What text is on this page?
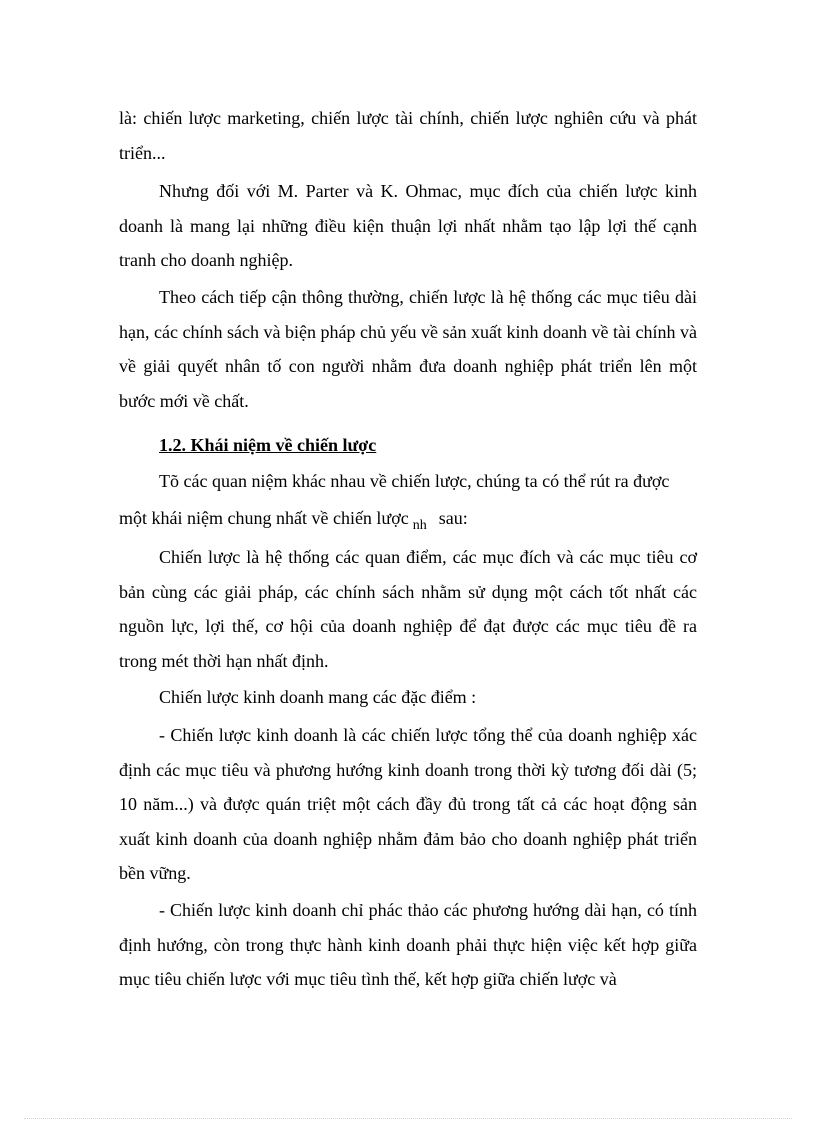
là: chiến lược marketing, chiến lược tài chính, chiến lược nghiên cứu và phát triển...

Nhưng đối với M. Parter và K. Ohmac, mục đích của chiến lược kinh doanh là mang lại những điều kiện thuận lợi nhất nhằm tạo lập lợi thế cạnh tranh cho doanh nghiệp.

Theo cách tiếp cận thông thường, chiến lược là hệ thống các mục tiêu dài hạn, các chính sách và biện pháp chủ yếu về sản xuất kinh doanh về tài chính và về giải quyết nhân tố con người nhằm đưa doanh nghiệp phát triển lên một bước mới về chất.

1.2. Khái niệm về chiến lược

Tõ các quan niệm khác nhau về chiến lược, chúng ta có thể rút ra được
một khái niệm chung nhất về chiến lược $_{nh}$ sau:

Chiến lược là hệ thống các quan điểm, các mục đích và các mục tiêu cơ bản cùng các giải pháp, các chính sách nhằm sử dụng một cách tốt nhất các nguồn lực, lợi thế, cơ hội của doanh nghiệp để đạt được các mục tiêu đề ra trong mét thời hạn nhất định.

Chiến lược kinh doanh mang các đặc điểm :

- Chiến lược kinh doanh là các chiến lược tổng thể của doanh nghiệp xác định các mục tiêu và phương hướng kinh doanh trong thời kỳ tương đối dài (5; 10 năm...) và được quán triệt một cách đầy đủ trong tất cả các hoạt động sản xuất kinh doanh của doanh nghiệp nhằm đảm bảo cho doanh nghiệp phát triển bền vững.

- Chiến lược kinh doanh chỉ phác thảo các phương hướng dài hạn, có tính định hướng, còn trong thực hành kinh doanh phải thực hiện việc kết hợp giữa mục tiêu chiến lược với mục tiêu tình thế, kết hợp giữa chiến lược và
